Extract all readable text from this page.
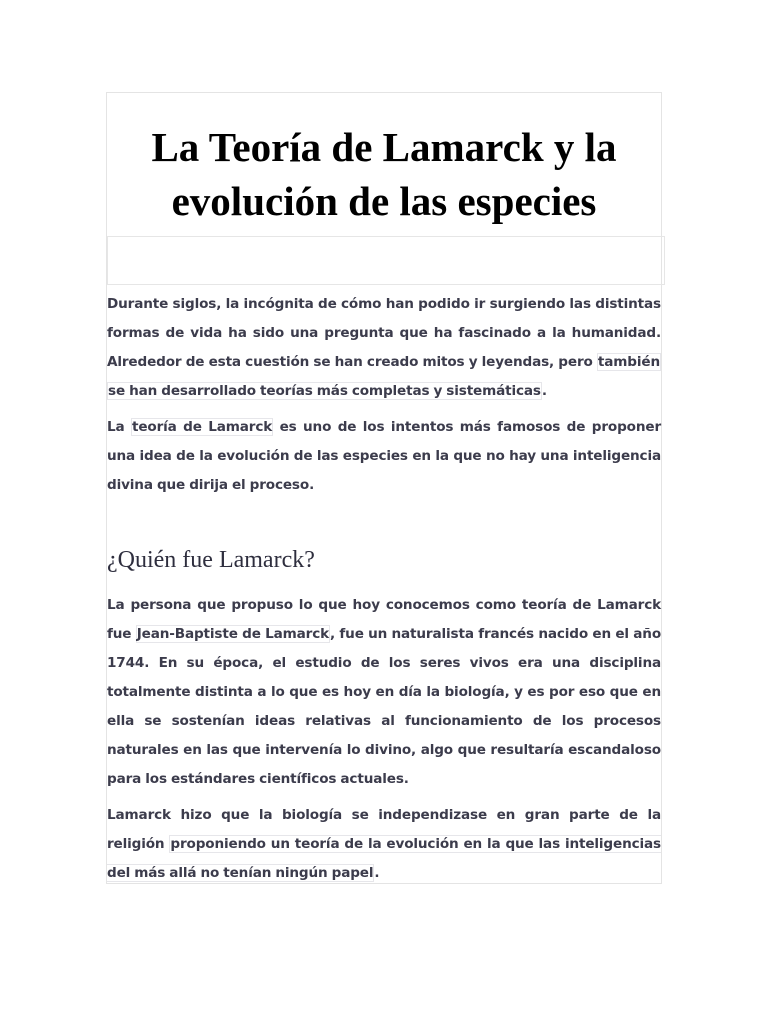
La Teoría de Lamarck y la evolución de las especies

Durante siglos, la incógnita de cómo han podido ir surgiendo las distintas formas de vida ha sido una pregunta que ha fascinado a la humanidad. Alrededor de esta cuestión se han creado mitos y leyendas, pero también se han desarrollado teorías más completas y sistemáticas.

La teoría de Lamarck es uno de los intentos más famosos de proponer una idea de la evolución de las especies en la que no hay una inteligencia divina que dirija el proceso.

¿Quién fue Lamarck?

La persona que propuso lo que hoy conocemos como teoría de Lamarck fue Jean-Baptiste de Lamarck, fue un naturalista francés nacido en el año 1744. En su época, el estudio de los seres vivos era una disciplina totalmente distinta a lo que es hoy en día la biología, y es por eso que en ella se sostenían ideas relativas al funcionamiento de los procesos naturales en las que intervenía lo divino, algo que resultaría escandaloso para los estándares científicos actuales.

Lamarck hizo que la biología se independizase en gran parte de la religión proponiendo un teoría de la evolución en la que las inteligencias del más allá no tenían ningún papel.
